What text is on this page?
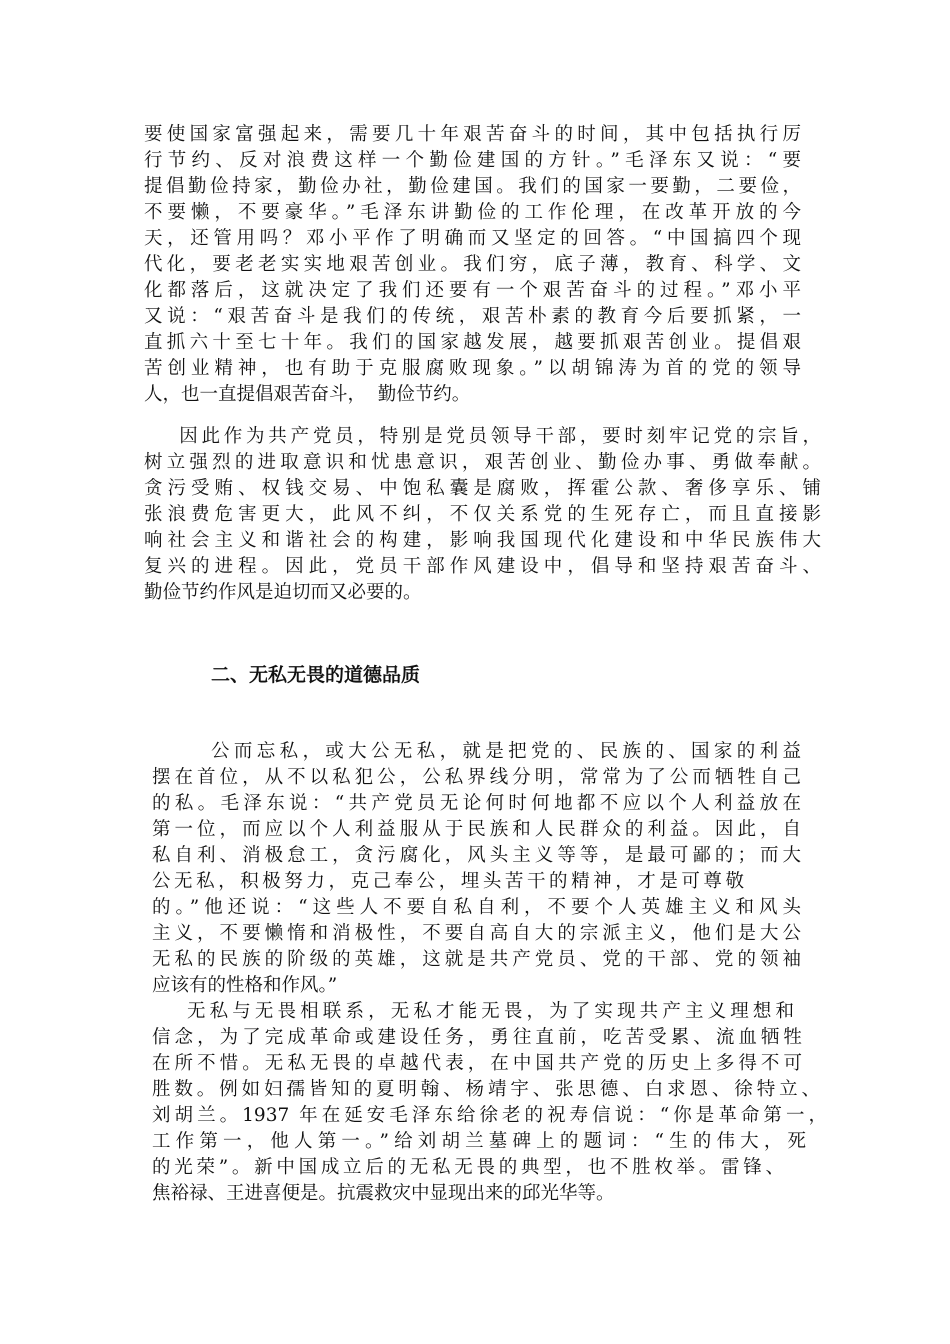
要使国家富强起来，需要几十年艰苦奋斗的时间，其中包括执行厉
行节约、反对浪费这样一个勤俭建国的方针。”毛泽东又说：“要
提倡勤俭持家，勤俭办社，勤俭建国。我们的国家一要勤，二要俭，
不要懒，不要豪华。”毛泽东讲勤俭的工作伦理，在改革开放的今
天，还管用吗？邓小平作了明确而又坚定的回答。“中国搞四个现
代化，要老老实实地艰苦创业。我们穷，底子薄，教育、科学、文
化都落后，这就决定了我们还要有一个艰苦奋斗的过程。”邓小平
又说：“艰苦奋斗是我们的传统，艰苦朴素的教育今后要抓紧，一
直抓六十至七十年。我们的国家越发展，越要抓艰苦创业。提倡艰
苦创业精神，也有助于克服腐败现象。”以胡锦涛为首的党的领导
人，也一直提倡艰苦奋斗，  勤俭节约。
因此作为共产党员，特别是党员领导干部，要时刻牢记党的宗旨，
树立强烈的进取意识和忧患意识，艰苦创业、勤俭办事、勇做奉献。
贪污受贿、权钱交易、中饱私囊是腐败，挥霍公款、奢侈享乐、铺
张浪费危害更大，此风不纠，不仅关系党的生死存亡，而且直接影
响社会主义和谐社会的构建，影响我国现代化建设和中华民族伟大
复兴的进程。因此，党员干部作风建设中，倡导和坚持艰苦奋斗、
勤俭节约作风是迫切而又必要的。
二、无私无畏的道德品质
公而忘私，或大公无私，就是把党的、民族的、国家的利益
摆在首位，从不以私犯公，公私界线分明，常常为了公而牺牲自己
的私。毛泽东说：“共产党员无论何时何地都不应以个人利益放在
第一位，而应以个人利益服从于民族和人民群众的利益。因此，自
私自利、消极怠工，贪污腐化，风头主义等等，是最可鄙的；而大
公无私，积极努力，克己奉公，埋头苦干的精神，才是可尊敬
的。”他还说：“这些人不要自私自利，不要个人英雄主义和风头
主义，不要懒惰和消极性，不要自高自大的宗派主义，他们是大公
无私的民族的阶级的英雄，这就是共产党员、党的干部、党的领袖
应该有的性格和作风。”
无私与无畏相联系，无私才能无畏，为了实现共产主义理想和
信念，为了完成革命或建设任务，勇往直前，吃苦受累、流血牺牲
在所不惜。无私无畏的卓越代表，在中国共产党的历史上多得不可
胜数。例如妇孺皆知的夏明翰、杨靖宇、张思德、白求恩、徐特立、
刘胡兰。1937 年在延安毛泽东给徐老的祝寿信说：“你是革命第一，
工作第一，他人第一。”给刘胡兰墓碑上的题词：“生的伟大，死
的光荣”。新中国成立后的无私无畏的典型，也不胜枚举。雷锋、
焦裕禄、王进喜便是。抗震救灾中显现出来的邱光华等。
